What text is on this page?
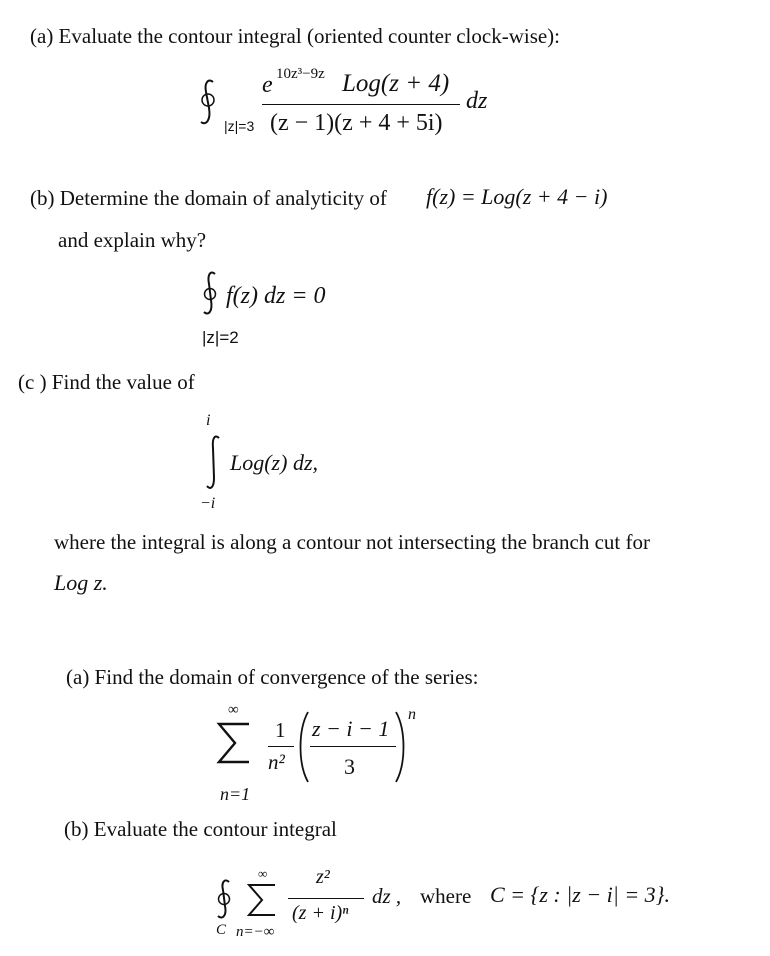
(a) Evaluate the contour integral (oriented counter clock-wise):
|z|=3
e 10z³−9z Log(z + 4)
(z − 1)(z + 4 + 5i)
dz
(b) Determine the domain of analyticity of f(z) = Log(z + 4 − i)
and explain why?
f(z) dz = 0
|z|=2
(c ) Find the value of
i
Log(z) dz,
−i
where the integral is along a contour not intersecting the branch cut for
Log z.
(a) Find the domain of convergence of the series:
∞
n=1
1
n²
z − i − 1
3
n
(b) Evaluate the contour integral
C
∞
n=−∞
z²
(z + i)ⁿ
dz , where C = {z : |z − i| = 3}.
